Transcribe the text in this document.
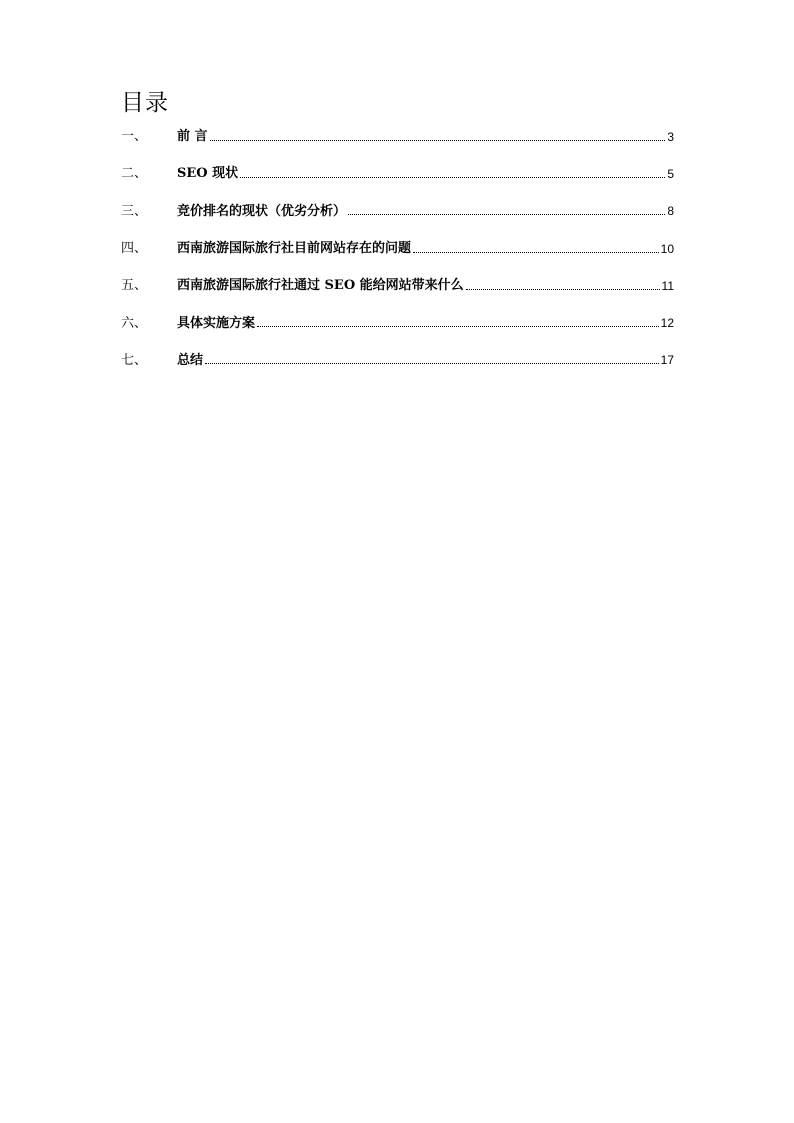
目录
一、	前 言	3
二、	SEO 现状	5
三、	竞价排名的现状（优劣分析）	8
四、	西南旅游国际旅行社目前网站存在的问题	10
五、	西南旅游国际旅行社通过 SEO 能给网站带来什么	11
六、	具体实施方案	12
七、	总结	17
